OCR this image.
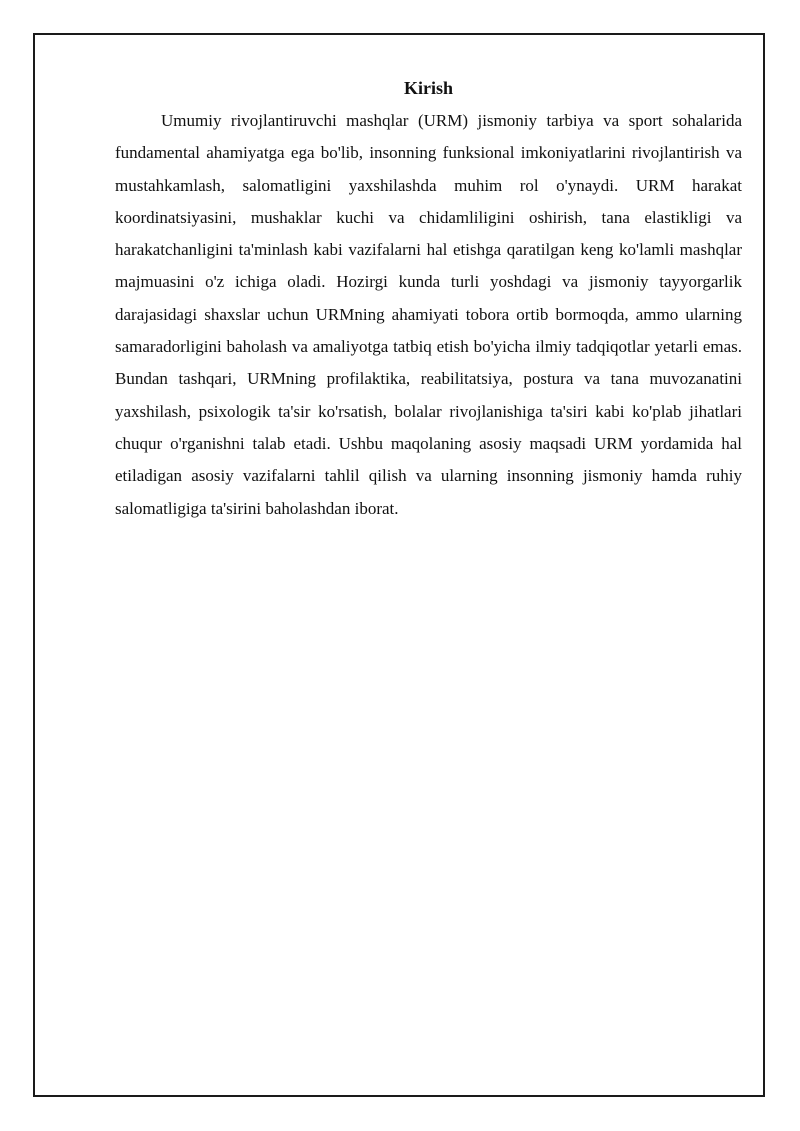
Kirish

Umumiy rivojlantiruvchi mashqlar (URM) jismoniy tarbiya va sport sohalarida fundamental ahamiyatga ega bo'lib, insonning funksional imkoniyatlarini rivojlantirish va mustahkamlash, salomatligini yaxshilashda muhim rol o'ynaydi. URM harakat koordinatsiyasini, mushaklar kuchi va chidamliligini oshirish, tana elastikligi va harakatchanligini ta'minlash kabi vazifalarni hal etishga qaratilgan keng ko'lamli mashqlar majmuasini o'z ichiga oladi. Hozirgi kunda turli yoshdagi va jismoniy tayyorgarlik darajasidagi shaxslar uchun URMning ahamiyati tobora ortib bormoqda, ammo ularning samaradorligini baholash va amaliyotga tatbiq etish bo'yicha ilmiy tadqiqotlar yetarli emas. Bundan tashqari, URMning profilaktika, reabilitatsiya, postura va tana muvozanatini yaxshilash, psixologik ta'sir ko'rsatish, bolalar rivojlanishiga ta'siri kabi ko'plab jihatlari chuqur o'rganishni talab etadi. Ushbu maqolaning asosiy maqsadi URM yordamida hal etiladigan asosiy vazifalarni tahlil qilish va ularning insonning jismoniy hamda ruhiy salomatligiga ta'sirini baholashdan iborat.
